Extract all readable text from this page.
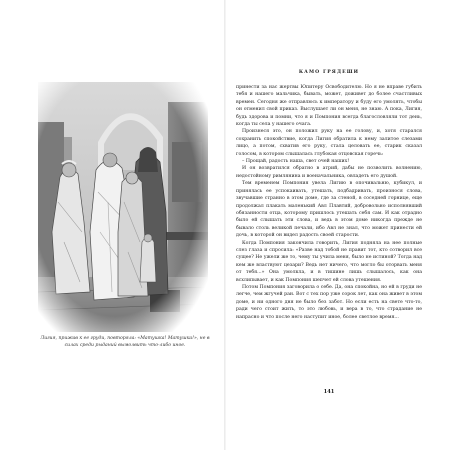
Лигия, прижав к ее груди, повторяла: «Матушка! Матушка!», не в силах среди рыданий вымолвить что-либо иное.
КАМО ГРЯДЕШИ

принести за нас жертвы Юпитеру Освободителю. Но я не вправе губить тебя и нашего мальчика, бывать, может, доживет до более счастливых времен. Сегодня же отправлюсь к императору и буду его умолять, чтобы он отменил свой приказ. Выслушает ли он меня, не знаю. А пока, Лигия, будь здорова и помни, что я и Помпония всегда благословляли тот день, когда ты села у нашего очага.

Произнеся это, он положил руку на ее голову, и, хотя старался сохранить спокойствие, когда Лигия обратила к нему залитое слезами лицо, а потом, схватив его руку, стала целовать ее, старик сказал голосом, в котором слышалась глубокая отцовская горечь:

– Прощай, радость наша, свет очей наших!

И он возвратился обратно в атрий, дабы не позволить волнению, недостойному римлянина и военачальника, овладеть его душой.

Тем временем Помпония увела Лигию в опочивальню, кубикул, и принялась ее успокаивать, утешать, подбадривать, произнося слова, звучавшие странно в этом доме, где за стеной, в соседней горнице, еще продолжал плакать маленький Авл Плавтий, добровольно исполнявший обязанности отца, которому пришлось утешать себя сам. И как отрадно было ей слышать эти слова, и ведь в этом доме никогда прежде не бывало столь великой печали, ибо Авл не знал, что может принести ей дочь, в которой он видел радость своей старости.

Когда Помпония закончила говорить, Лигия подняла на нее полные слез глаза и спросила: «Разве над тобой не правит тот, кто сотворил все сущее? Не ужели же то, чему ты учила меня, было не истиной? Тогда над кем же властвуют цезари? Ведь нет ничего, что могло бы оторвать меня от тебя...» Она умолкла, и в тишине лишь слышалось, как она всхлипывает, и как Помпония шепчет ей слова утешения.

Потом Помпония заговорила о себе. Да, она спокойна, но ей в груди не легче, чем жгучей ран. Вот с тех пор уже сорок лет, как она живет в этом доме, и ни одного дня не было без забот. Но если есть на свете что-то, ради чего стоит жить, то это любовь, и вера в то, что страдание не напрасно и что после него наступит иное, более светлое время...

141
